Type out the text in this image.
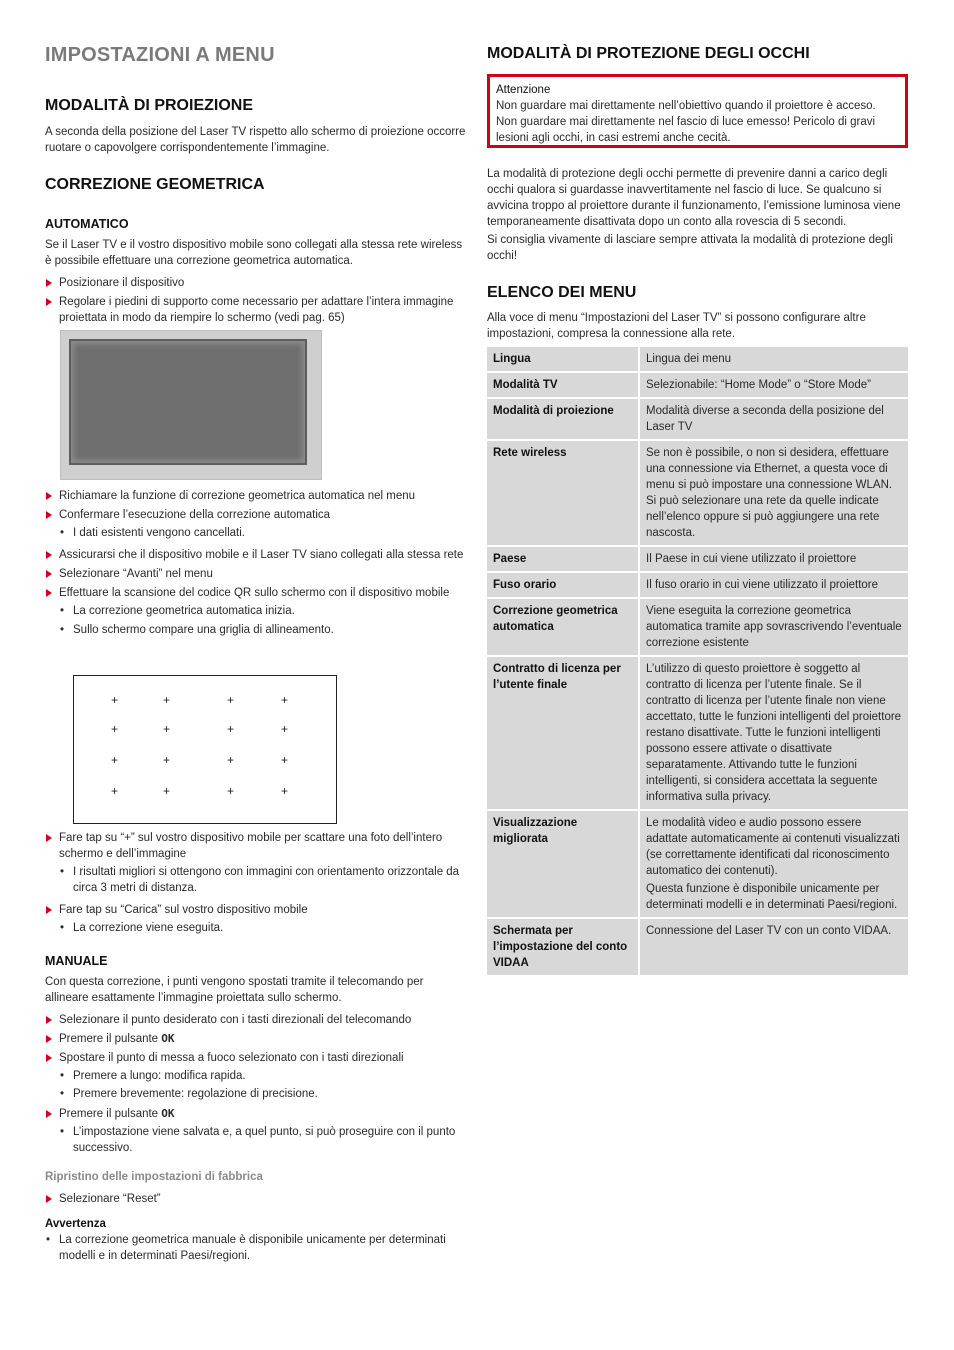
IMPOSTAZIONI A MENU
MODALITÀ DI PROIEZIONE

A seconda della posizione del Laser TV rispetto allo schermo di proiezione occorre ruotare o capovolgere corrispondentemente l’immagine.

CORREZIONE GEOMETRICA
AUTOMATICO

Se il Laser TV e il vostro dispositivo mobile sono collegati alla stessa rete wireless è possibile effettuare una correzione geometrica automatica.

Posizionare il dispositivo
Regolare i piedini di supporto come necessario per adattare l’intera immagine proiettata in modo da riempire lo schermo (vedi pag. 65)
Richiamare la funzione di correzione geometrica automatica nel menu
Confermare l’esecuzione della correzione automatica
• I dati esistenti vengono cancellati.
Assicurarsi che il dispositivo mobile e il Laser TV siano collegati alla stessa rete
Selezionare “Avanti” nel menu
Effettuare la scansione del codice QR sullo schermo con il dispositivo mobile
• La correzione geometrica automatica inizia.
• Sullo schermo compare una griglia di allineamento.
+	+	+	+
+	+	+	+
+	+	+	+
+	+	+	+
Fare tap su “+” sul vostro dispositivo mobile per scattare una foto dell’intero schermo e dell’immagine
• I risultati migliori si ottengono con immagini con orientamento orizzontale da circa 3 metri di distanza.
Fare tap su “Carica” sul vostro dispositivo mobile
• La correzione viene eseguita.
MANUALE

Con questa correzione, i punti vengono spostati tramite il telecomando per allineare esattamente l’immagine proiettata sullo schermo.

Selezionare il punto desiderato con i tasti direzionali del telecomando
Premere il pulsante OK
Spostare il punto di messa a fuoco selezionato con i tasti direzionali
• Premere a lungo: modifica rapida.
• Premere brevemente: regolazione di precisione.
Premere il pulsante OK
• L’impostazione viene salvata e, a quel punto, si può proseguire con il punto successivo.

Ripristino delle impostazioni di fabbrica

Selezionare “Reset”

Avvertenza

• La correzione geometrica manuale è disponibile unicamente per determinati modelli e in determinati Paesi/regioni.
MODALITÀ DI PROTEZIONE DEGLI OCCHI

Attenzione

Non guardare mai direttamente nell’obiettivo quando il proiettore è acceso. Non guardare mai direttamente nel fascio di luce emesso! Pericolo di gravi lesioni agli occhi, in casi estremi anche cecità.

La modalità di protezione degli occhi permette di prevenire danni a carico degli occhi qualora si guardasse inavvertitamente nel fascio di luce. Se qualcuno si avvicina troppo al proiettore durante il funzionamento, l’emissione luminosa viene temporaneamente disattivata dopo un conto alla rovescia di 5 secondi.

Si consiglia vivamente di lasciare sempre attivata la modalità di protezione degli occhi!

ELENCO DEI MENU

Alla voce di menu “Impostazioni del Laser TV” si possono configurare altre impostazioni, compresa la connessione alla rete.

Lingua	Lingua dei menu
Modalità TV	Selezionabile: “Home Mode” o “Store Mode”
Modalità di proiezione	Modalità diverse a seconda della posizione del Laser TV
Rete wireless	Se non è possibile, o non si desidera, effettuare una connessione via Ethernet, a questa voce di menu si può impostare una connessione WLAN. Si può selezionare una rete da quelle indicate nell’elenco oppure si può aggiungere una rete nascosta.
Paese	Il Paese in cui viene utilizzato il proiettore
Fuso orario	Il fuso orario in cui viene utilizzato il proiettore
Correzione geometrica automatica	Viene eseguita la correzione geometrica automatica tramite app sovrascrivendo l’eventuale correzione esistente
Contratto di licenza per l’utente finale	L’utilizzo di questo proiettore è soggetto al contratto di licenza per l’utente finale. Se il contratto di licenza per l’utente finale non viene accettato, tutte le funzioni intelligenti del proiettore restano disattivate. Tutte le funzioni intelligenti possono essere attivate o disattivate separatamente. Attivando tutte le funzioni intelligenti, si considera accettata la seguente informativa sulla privacy.
Visualizzazione migliorata	Le modalità video e audio possono essere adattate automaticamente ai contenuti visualizzati (se correttamente identificati dal riconoscimento automatico dei contenuti).
Questa funzione è disponibile unicamente per determinati modelli e in determinati Paesi/regioni.

Schermata per l’impostazione del conto VIDAA	Connessione del Laser TV con un conto VIDAA.
